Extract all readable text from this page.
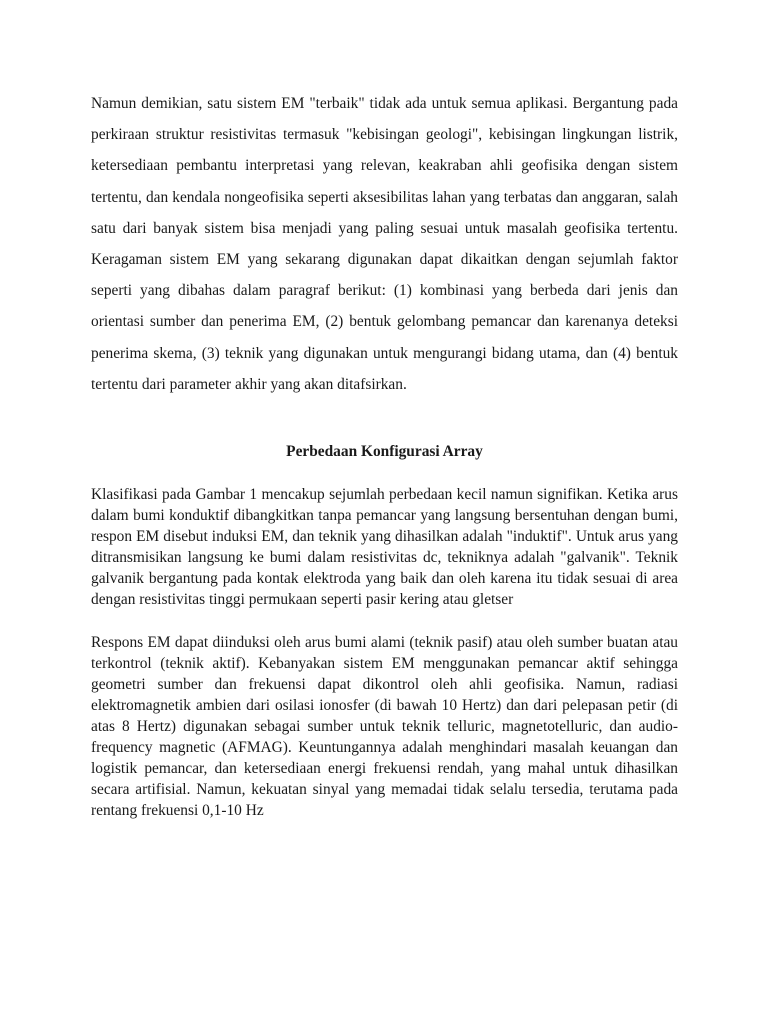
Namun demikian, satu sistem EM "terbaik" tidak ada untuk semua aplikasi. Bergantung pada perkiraan struktur resistivitas termasuk "kebisingan geologi", kebisingan lingkungan listrik, ketersediaan pembantu interpretasi yang relevan, keakraban ahli geofisika dengan sistem tertentu, dan kendala nongeofisika seperti aksesibilitas lahan yang terbatas dan anggaran, salah satu dari banyak sistem bisa menjadi yang paling sesuai untuk masalah geofisika tertentu. Keragaman sistem EM yang sekarang digunakan dapat dikaitkan dengan sejumlah faktor seperti yang dibahas dalam paragraf berikut: (1) kombinasi yang berbeda dari jenis dan orientasi sumber dan penerima EM, (2) bentuk gelombang pemancar dan karenanya deteksi penerima skema, (3) teknik yang digunakan untuk mengurangi bidang utama, dan (4) bentuk tertentu dari parameter akhir yang akan ditafsirkan.

Perbedaan Konfigurasi Array

Klasifikasi pada Gambar 1 mencakup sejumlah perbedaan kecil namun signifikan. Ketika arus dalam bumi konduktif dibangkitkan tanpa pemancar yang langsung bersentuhan dengan bumi, respon EM disebut induksi EM, dan teknik yang dihasilkan adalah "induktif". Untuk arus yang ditransmisikan langsung ke bumi dalam resistivitas dc, tekniknya adalah "galvanik". Teknik galvanik bergantung pada kontak elektroda yang baik dan oleh karena itu tidak sesuai di area dengan resistivitas tinggi permukaan seperti pasir kering atau gletser

Respons EM dapat diinduksi oleh arus bumi alami (teknik pasif) atau oleh sumber buatan atau terkontrol (teknik aktif). Kebanyakan sistem EM menggunakan pemancar aktif sehingga geometri sumber dan frekuensi dapat dikontrol oleh ahli geofisika. Namun, radiasi elektromagnetik ambien dari osilasi ionosfer (di bawah 10 Hertz) dan dari pelepasan petir (di atas 8 Hertz) digunakan sebagai sumber untuk teknik telluric, magnetotelluric, dan audio-frequency magnetic (AFMAG). Keuntungannya adalah menghindari masalah keuangan dan logistik pemancar, dan ketersediaan energi frekuensi rendah, yang mahal untuk dihasilkan secara artifisial. Namun, kekuatan sinyal yang memadai tidak selalu tersedia, terutama pada rentang frekuensi 0,1-10 Hz
